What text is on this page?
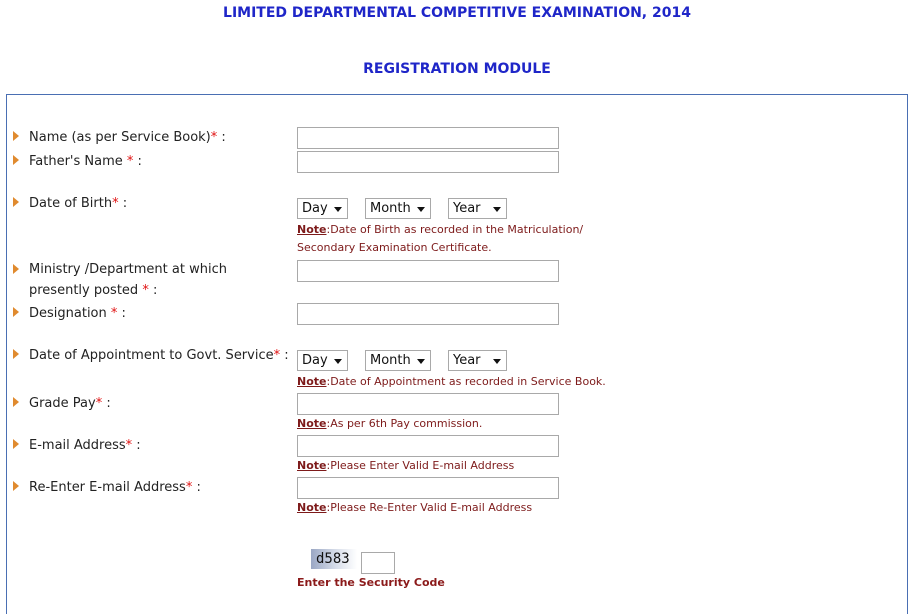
LIMITED DEPARTMENTAL COMPETITIVE EXAMINATION, 2014
REGISTRATION MODULE
Name (as per Service Book)* :
Father's Name * :
Date of Birth* :	Day	Month	Year
Note:Date of Birth as recorded in the Matriculation/
Secondary Examination Certificate.
Ministry /Department at which
presently posted * :
Designation * :
Date of Appointment to Govt. Service* :	Day	Month	Year
Note:Date of Appointment as recorded in Service Book.
Grade Pay* :
Note:As per 6th Pay commission.
E-mail Address* :
Note:Please Enter Valid E-mail Address
Re-Enter E-mail Address* :
Note:Please Re-Enter Valid E-mail Address
d583
Enter the Security Code
